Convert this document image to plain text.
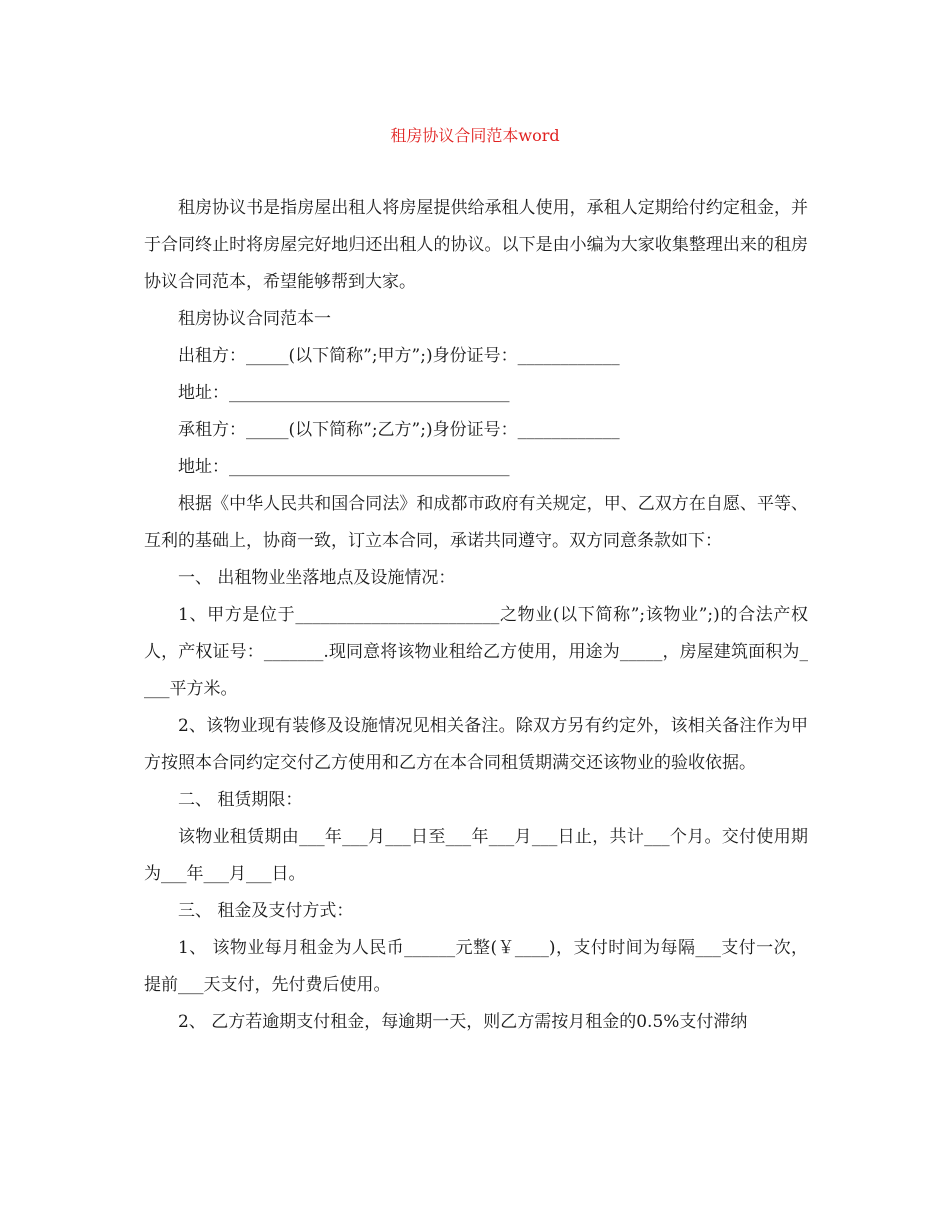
租房协议合同范本word

租房协议书是指房屋出租人将房屋提供给承租人使用，承租人定期给付约定租金，并于合同终止时将房屋完好地归还出租人的协议。以下是由小编为大家收集整理出来的租房协议合同范本，希望能够帮到大家。

租房协议合同范本一

出租方：_____(以下简称”;甲方”;)身份证号：____________

地址：_________________________________

承租方：_____(以下简称”;乙方”;)身份证号：____________

地址：_________________________________

根据《中华人民共和国合同法》和成都市政府有关规定，甲、乙双方在自愿、平等、互利的基础上，协商一致，订立本合同，承诺共同遵守。双方同意条款如下：

一、 出租物业坐落地点及设施情况：

1、甲方是位于________________________之物业(以下简称”;该物业”;)的合法产权人，产权证号：_______.现同意将该物业租给乙方使用，用途为_____，房屋建筑面积为____平方米。

2、该物业现有装修及设施情况见相关备注。除双方另有约定外，该相关备注作为甲方按照本合同约定交付乙方使用和乙方在本合同租赁期满交还该物业的验收依据。

二、 租赁期限：

该物业租赁期由___年___月___日至___年___月___日止，共计___个月。交付使用期为___年___月___日。

三、 租金及支付方式：

1、 该物业每月租金为人民币______元整(￥____)，支付时间为每隔___支付一次，提前___天支付，先付费后使用。

2、 乙方若逾期支付租金，每逾期一天，则乙方需按月租金的0.5%支付滞纳
